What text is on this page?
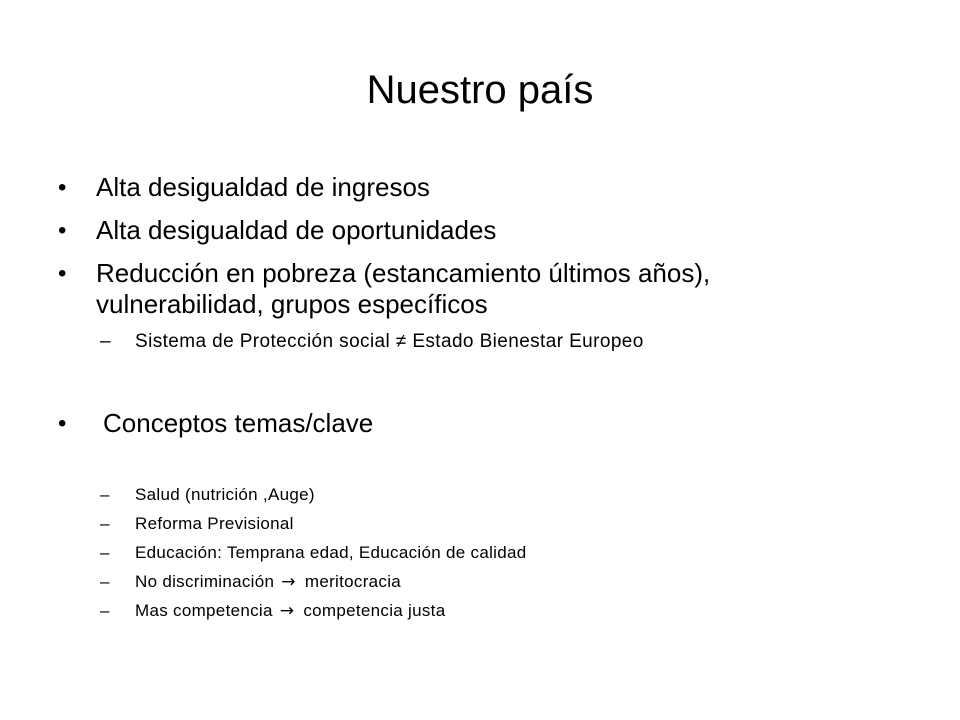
Nuestro país
• Alta desigualdad de ingresos
• Alta desigualdad de oportunidades
• Reducción en pobreza (estancamiento últimos años),
vulnerabilidad, grupos específicos
– Sistema de Protección social ≠ Estado Bienestar Europeo
• Conceptos temas/clave
– Salud (nutrición ,Auge)
– Reforma Previsional
– Educación: Temprana edad, Educación de calidad
– No discriminación → meritocracia
– Mas competencia → competencia justa
